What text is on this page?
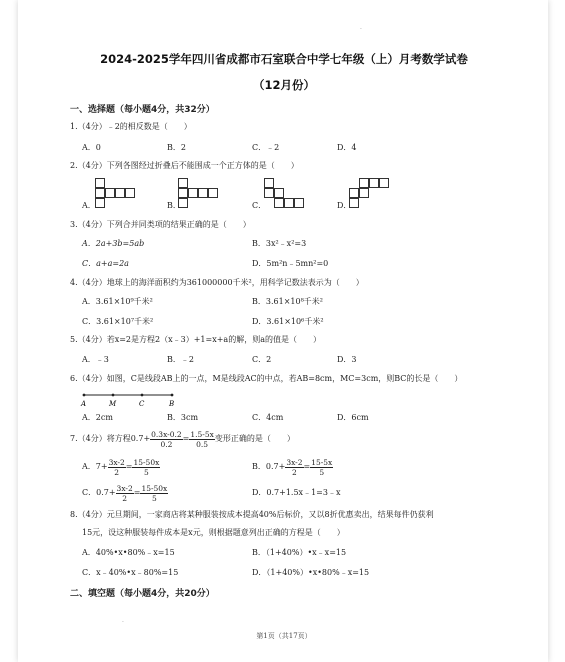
·
2024-2025学年四川省成都市石室联合中学七年级（上）月考数学试卷
（12月份）
一、选择题（每小题4分，共32分）
1.（4分）﹣2的相反数是（　　）
A．0	B．2	C．﹣2	D．4
2.（4分）下列各图经过折叠后不能围成一个正方体的是（　　）
A．	B．	C．	D．
3.（4分）下列合并同类项的结果正确的是（　　）
A．2a+3b=5ab	B．3x²﹣x²=3
C．a+a=2a	D．5m²n﹣5mn²=0
4.（4分）地球上的海洋面积约为361000000千米²，用科学记数法表示为（　　）
A．3.61×10⁹千米²	B．3.61×10⁸千米²
C．3.61×10⁷千米²	D．3.61×10⁶千米²
5.（4分）若x=2是方程2（x﹣3）+1=x+a的解，则a的值是（　　）
A．﹣3	B．﹣2	C．2	D．3
6.（4分）如图，C是线段AB上的一点，M是线段AC的中点，若AB=8cm，MC=3cm，则BC的长是（　　）
A	M	C	B
A．2cm	B．3cm	C．4cm	D．6cm
7.（4分）将方程$0.7+ \frac{0.3x-0.2}{0.2} = \frac{1.5-5x}{0.5}$ 变形正确的是（　　）
A．$7+ \frac{3x-2}{2} = \frac{15-50x}{5}$	B．$0.7+ \frac{3x-2}{2} = \frac{15-5x}{5}$
C．$0.7+ \frac{3x-2}{2} = \frac{15-50x}{5}$	D．0.7+1.5x﹣1=3﹣x
8.（4分）元旦期间，一家商店将某种服装按成本提高40%后标价，又以8折优惠卖出，结果每件仍获利
15元，设这种服装每件成本是x元，则根据题意列出正确的方程是（　　）
A．40%•x•80%﹣x=15	B．（1+40%）•x﹣x=15
C．x﹣40%•x﹣80%=15	D．（1+40%）•x•80%﹣x=15
二、填空题（每小题4分，共20分）
·
第1页（共17页）
